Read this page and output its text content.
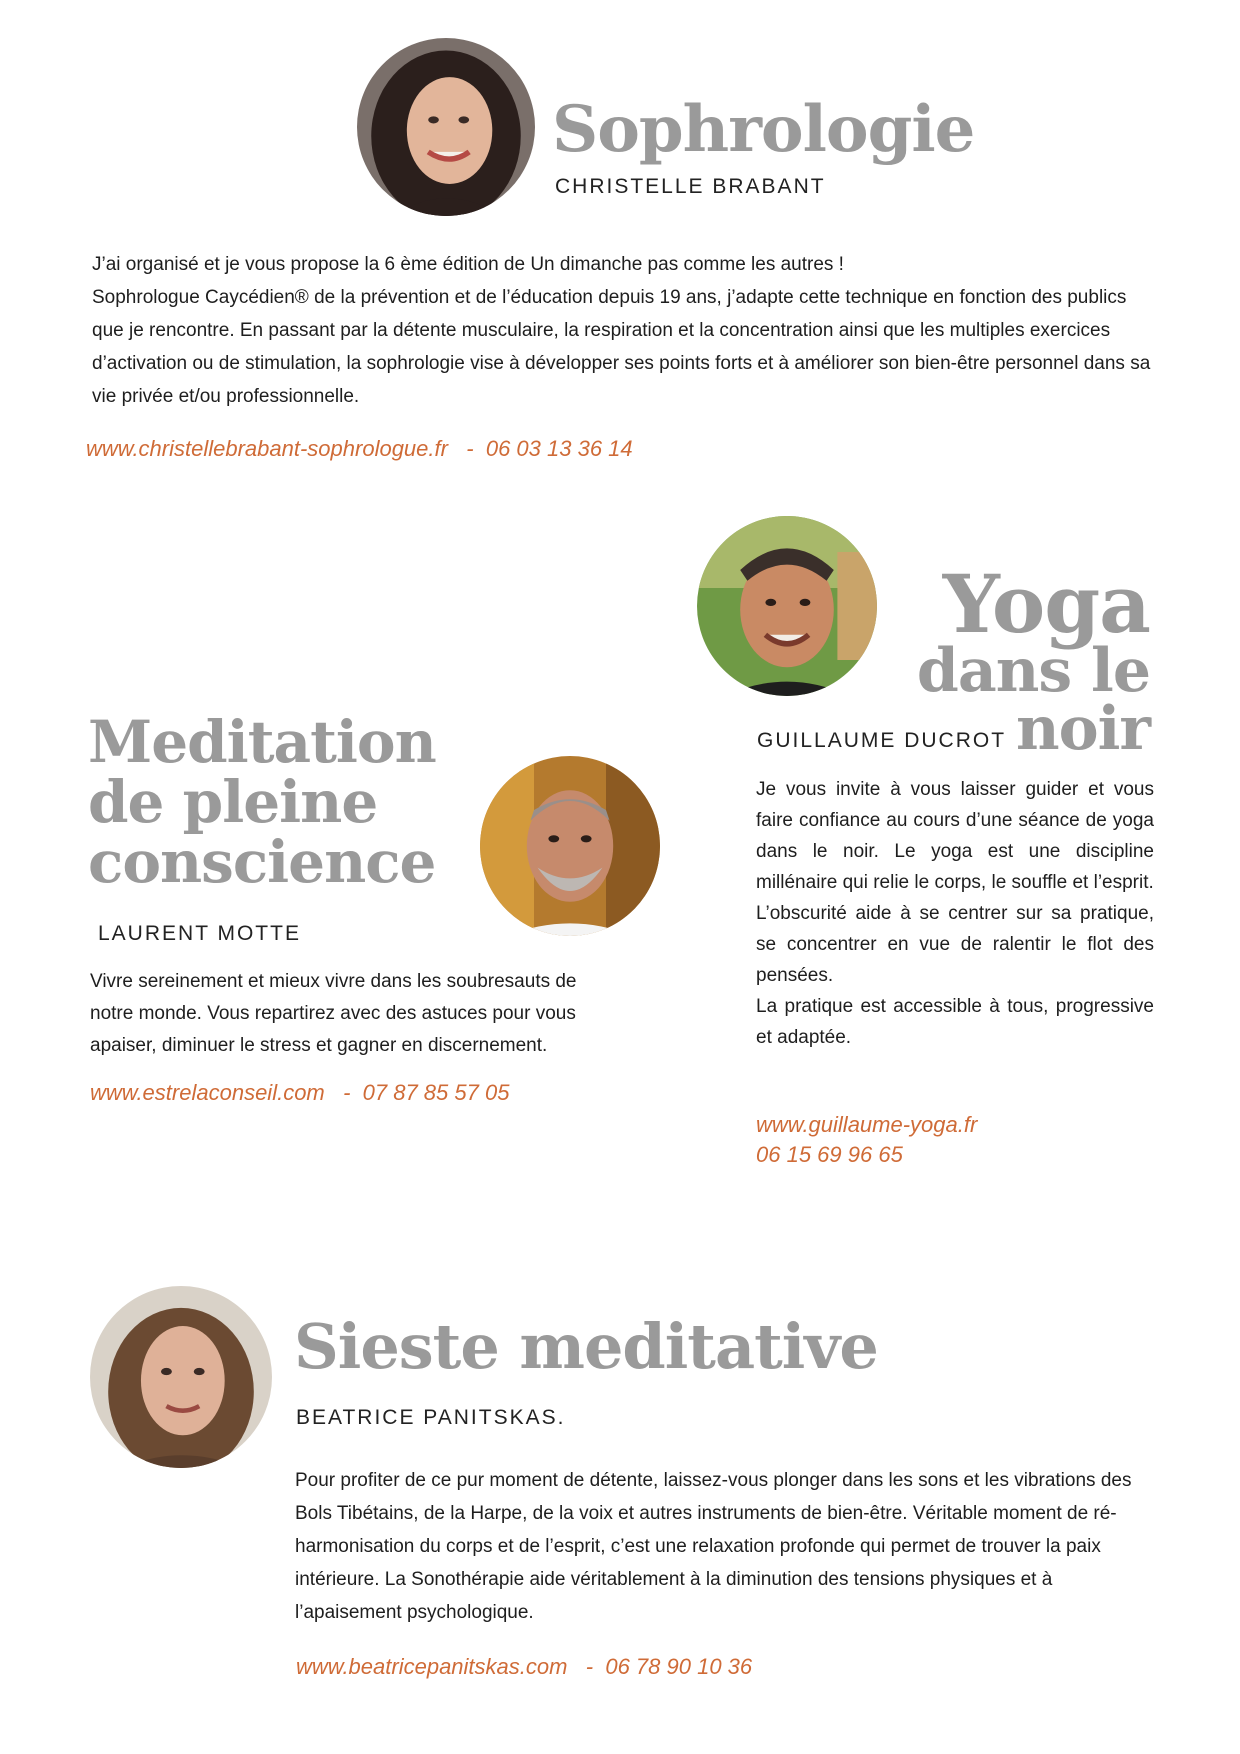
Sophrologie

CHRISTELLE BRABANT

J’ai organisé et je vous propose la 6 ème édition de Un dimanche pas comme les autres !

Sophrologue Caycédien® de la prévention et de l’éducation depuis 19 ans, j’adapte cette technique en fonction des publics que je rencontre. En passant par la détente musculaire, la respiration et la concentration ainsi que les multiples exercices d’activation ou de stimulation, la sophrologie vise à développer ses points forts et à améliorer son bien-être personnel dans sa vie privée et/ou professionnelle.

www.christellebrabant-sophrologue.fr   -  06 03 13 36 14
Yoga
dans le
noir

GUILLAUME DUCROT

Je vous invite à vous laisser guider et vous faire confiance au cours d’une séance de yoga dans le noir. Le yoga est une discipline millénaire qui relie le corps, le souffle et l’esprit.

L’obscurité aide à se centrer sur sa pratique, se concentrer en vue de ralentir le flot des pensées.

La pratique est accessible à tous, progressive et adaptée.

www.guillaume-yoga.fr

06 15 69 96 65

Meditation
de pleine
conscience

LAURENT MOTTE

Vivre sereinement et mieux vivre dans les soubresauts de notre monde. Vous repartirez avec des astuces pour vous apaiser, diminuer le stress et gagner en discernement.

www.estrelaconseil.com   -  07 87 85 57 05
Sieste meditative

BEATRICE PANITSKAS.

Pour profiter de ce pur moment de détente, laissez-vous plonger dans les sons et les vibrations des Bols Tibétains, de la Harpe, de la voix et autres instruments de bien-être. Véritable moment de ré-harmonisation du corps et de l’esprit, c’est une relaxation profonde qui permet de trouver la paix intérieure. La Sonothérapie aide véritablement à la diminution des tensions physiques et à l’apaisement psychologique.

www.beatricepanitskas.com   -  06 78 90 10 36
